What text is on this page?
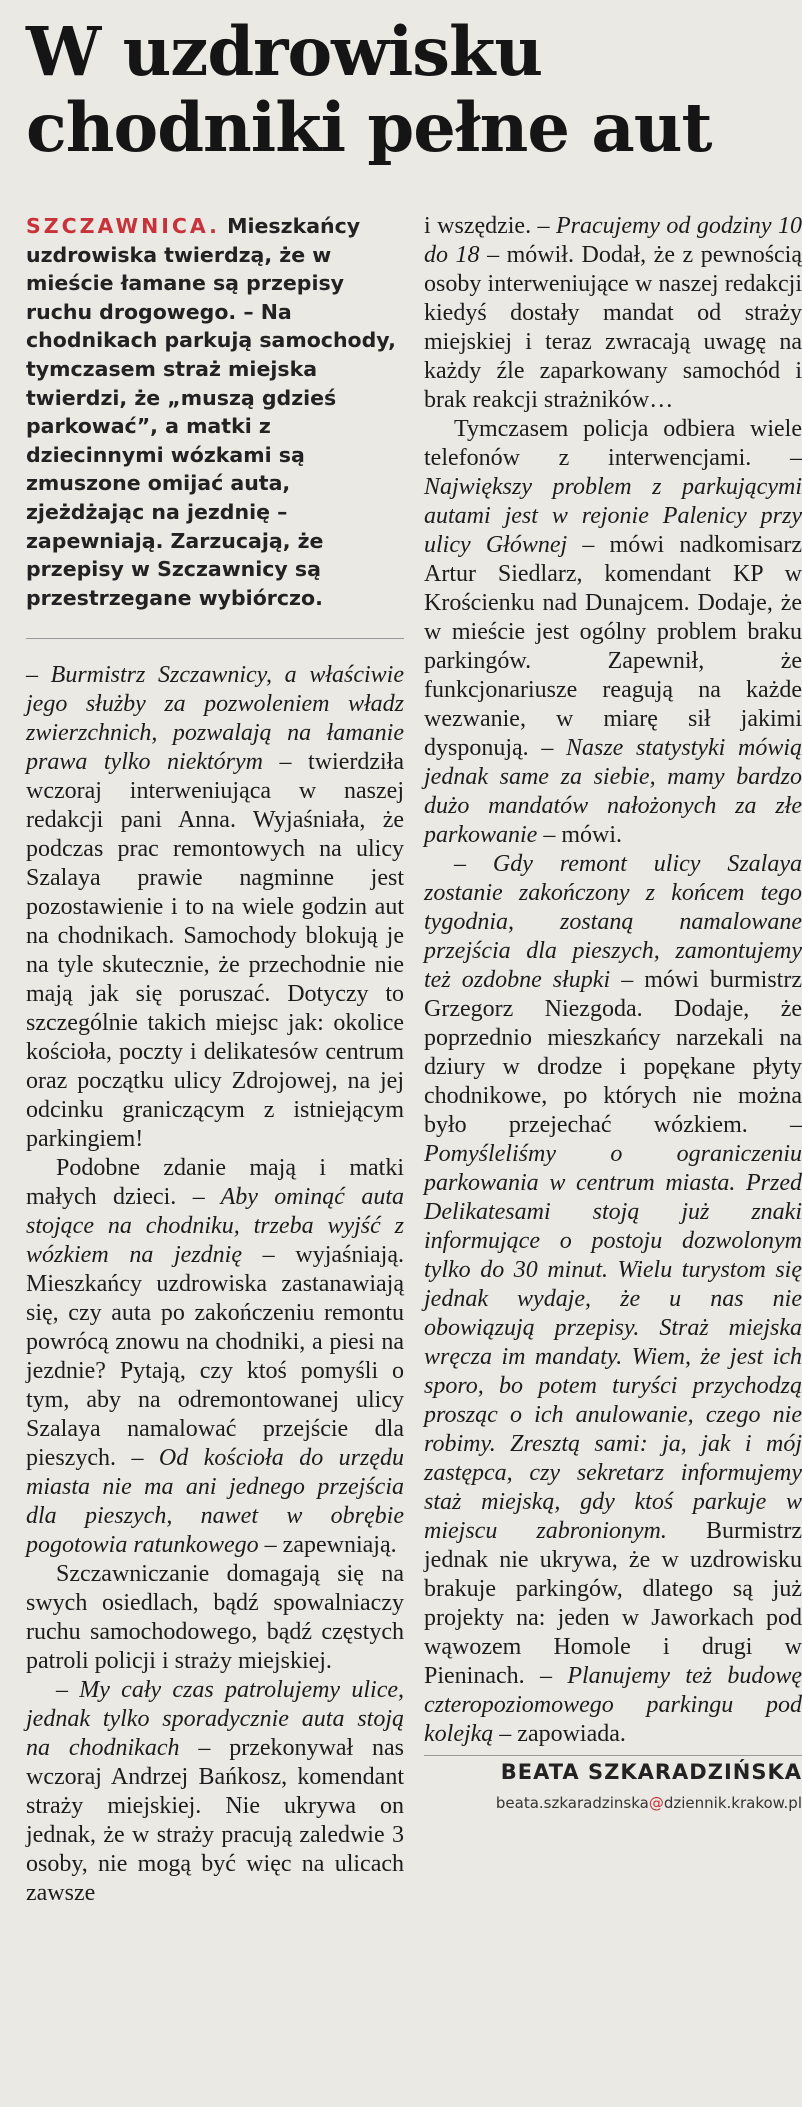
W uzdrowisku
chodniki pełne aut

SZCZAWNICA. Mieszkańcy uzdrowiska twierdzą, że w mieście łamane są przepisy ruchu drogowego. – Na chodnikach parkują samochody, tymczasem straż miejska twierdzi, że „muszą gdzieś parkować”, a matki z dziecinnymi wózkami są zmuszone omijać auta, zjeżdżając na jezdnię – zapewniają. Zarzucają, że przepisy w Szczawnicy są przestrzegane wybiórczo.

– Burmistrz Szczawnicy, a właściwie jego służby za pozwoleniem władz zwierzchnich, pozwalają na łamanie prawa tylko niektórym – twierdziła wczoraj interweniująca w naszej redakcji pani Anna. Wyjaśniała, że podczas prac remontowych na ulicy Szalaya prawie nagminne jest pozostawienie i to na wiele godzin aut na chodnikach. Samochody blokują je na tyle skutecznie, że przechodnie nie mają jak się poruszać. Dotyczy to szczególnie takich miejsc jak: okolice kościoła, poczty i delikatesów centrum oraz początku ulicy Zdrojowej, na jej odcinku graniczącym z istniejącym parkingiem!

Podobne zdanie mają i matki małych dzieci. – Aby ominąć auta stojące na chodniku, trzeba wyjść z wózkiem na jezdnię – wyjaśniają. Mieszkańcy uzdrowiska zastanawiają się, czy auta po zakończeniu remontu powrócą znowu na chodniki, a piesi na jezdnie? Pytają, czy ktoś pomyśli o tym, aby na odremontowanej ulicy Szalaya namalować przejście dla pieszych. – Od kościoła do urzędu miasta nie ma ani jednego przejścia dla pieszych, nawet w obrębie pogotowia ratunkowego – zapewniają.

Szczawniczanie domagają się na swych osiedlach, bądź spowalniaczy ruchu samochodowego, bądź częstych patroli policji i straży miejskiej.

– My cały czas patrolujemy ulice, jednak tylko sporadycznie auta stoją na chodnikach – przekonywał nas wczoraj Andrzej Bańkosz, komendant straży miejskiej. Nie ukrywa on jednak, że w straży pracują zaledwie 3 osoby, nie mogą być więc na ulicach zawsze

i wszędzie. – Pracujemy od godziny 10 do 18 – mówił. Dodał, że z pewnością osoby interweniujące w naszej redakcji kiedyś dostały mandat od straży miejskiej i teraz zwracają uwagę na każdy źle zaparkowany samochód i brak reakcji strażników…

Tymczasem policja odbiera wiele telefonów z interwencjami. – Największy problem z parkującymi autami jest w rejonie Palenicy przy ulicy Głównej – mówi nadkomisarz Artur Siedlarz, komendant KP w Krościenku nad Dunajcem. Dodaje, że w mieście jest ogólny problem braku parkingów. Zapewnił, że funkcjonariusze reagują na każde wezwanie, w miarę sił jakimi dysponują. – Nasze statystyki mówią jednak same za siebie, mamy bardzo dużo mandatów nałożonych za złe parkowanie – mówi.

– Gdy remont ulicy Szalaya zostanie zakończony z końcem tego tygodnia, zostaną namalowane przejścia dla pieszych, zamontujemy też ozdobne słupki – mówi burmistrz Grzegorz Niezgoda. Dodaje, że poprzednio mieszkańcy narzekali na dziury w drodze i popękane płyty chodnikowe, po których nie można było przejechać wózkiem. – Pomyśleliśmy o ograniczeniu parkowania w centrum miasta. Przed Delikatesami stoją już znaki informujące o postoju dozwolonym tylko do 30 minut. Wielu turystom się jednak wydaje, że u nas nie obowiązują przepisy. Straż miejska wręcza im mandaty. Wiem, że jest ich sporo, bo potem turyści przychodzą prosząc o ich anulowanie, czego nie robimy. Zresztą sami: ja, jak i mój zastępca, czy sekretarz informujemy staż miejską, gdy ktoś parkuje w miejscu zabronionym. Burmistrz jednak nie ukrywa, że w uzdrowisku brakuje parkingów, dlatego są już projekty na: jeden w Jaworkach pod wąwozem Homole i drugi w Pieninach. – Planujemy też budowę czteropoziomowego parkingu pod kolejką – zapowiada.

BEATA SZKARADZIŃSKA
beata.szkaradzinska@dziennik.krakow.pl
